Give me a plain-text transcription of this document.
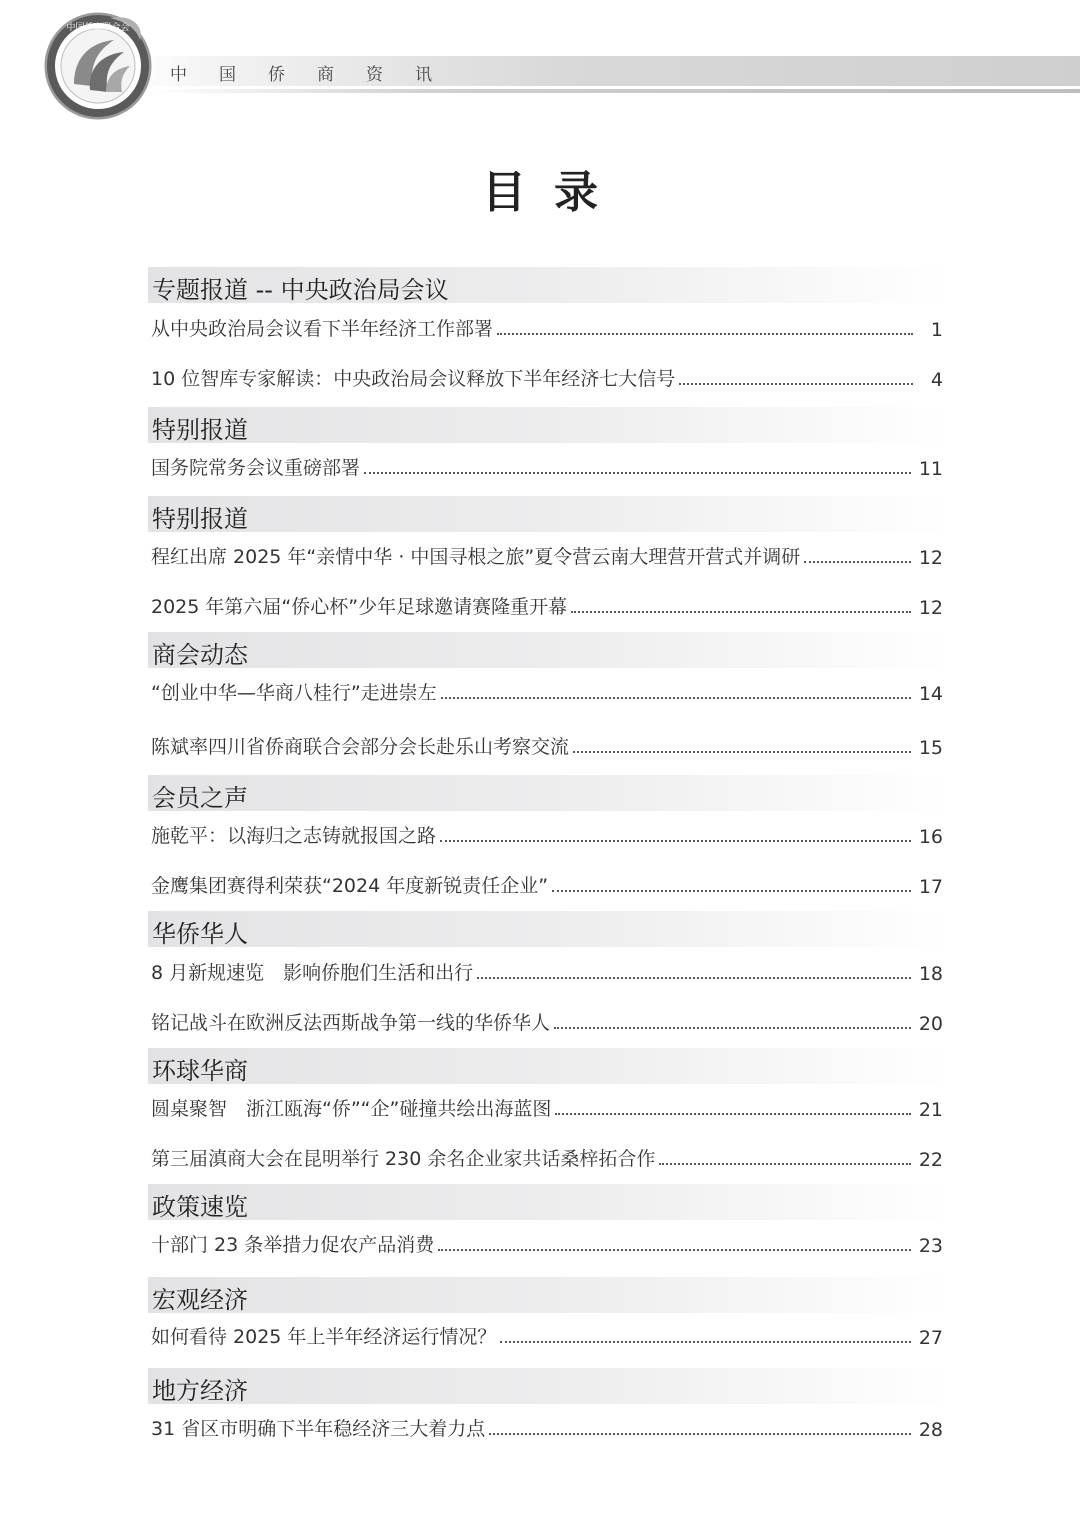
中国侨商资讯
中国侨商联合会
目录
专题报道 -- 中央政治局会议
从中央政治局会议看下半年经济工作部署	1
10 位智库专家解读：中央政治局会议释放下半年经济七大信号	4
特别报道
国务院常务会议重磅部署	11
特别报道
程红出席 2025 年“亲情中华 · 中国寻根之旅”夏令营云南大理营开营式并调研	12
2025 年第六届“侨心杯”少年足球邀请赛隆重开幕	12
商会动态
“创业中华—华商八桂行”走进崇左	14
陈斌率四川省侨商联合会部分会长赴乐山考察交流	15
会员之声
施乾平：以海归之志铸就报国之路	16
金鹰集团赛得利荣获“2024 年度新锐责任企业”	17
华侨华人
8 月新规速览　影响侨胞们生活和出行	18
铭记战斗在欧洲反法西斯战争第一线的华侨华人	20
环球华商
圆桌聚智　浙江瓯海“侨”“企”碰撞共绘出海蓝图	21
第三届滇商大会在昆明举行 230 余名企业家共话桑梓拓合作	22
政策速览
十部门 23 条举措力促农产品消费	23
宏观经济
如何看待 2025 年上半年经济运行情况？	27
地方经济
31 省区市明确下半年稳经济三大着力点	28
